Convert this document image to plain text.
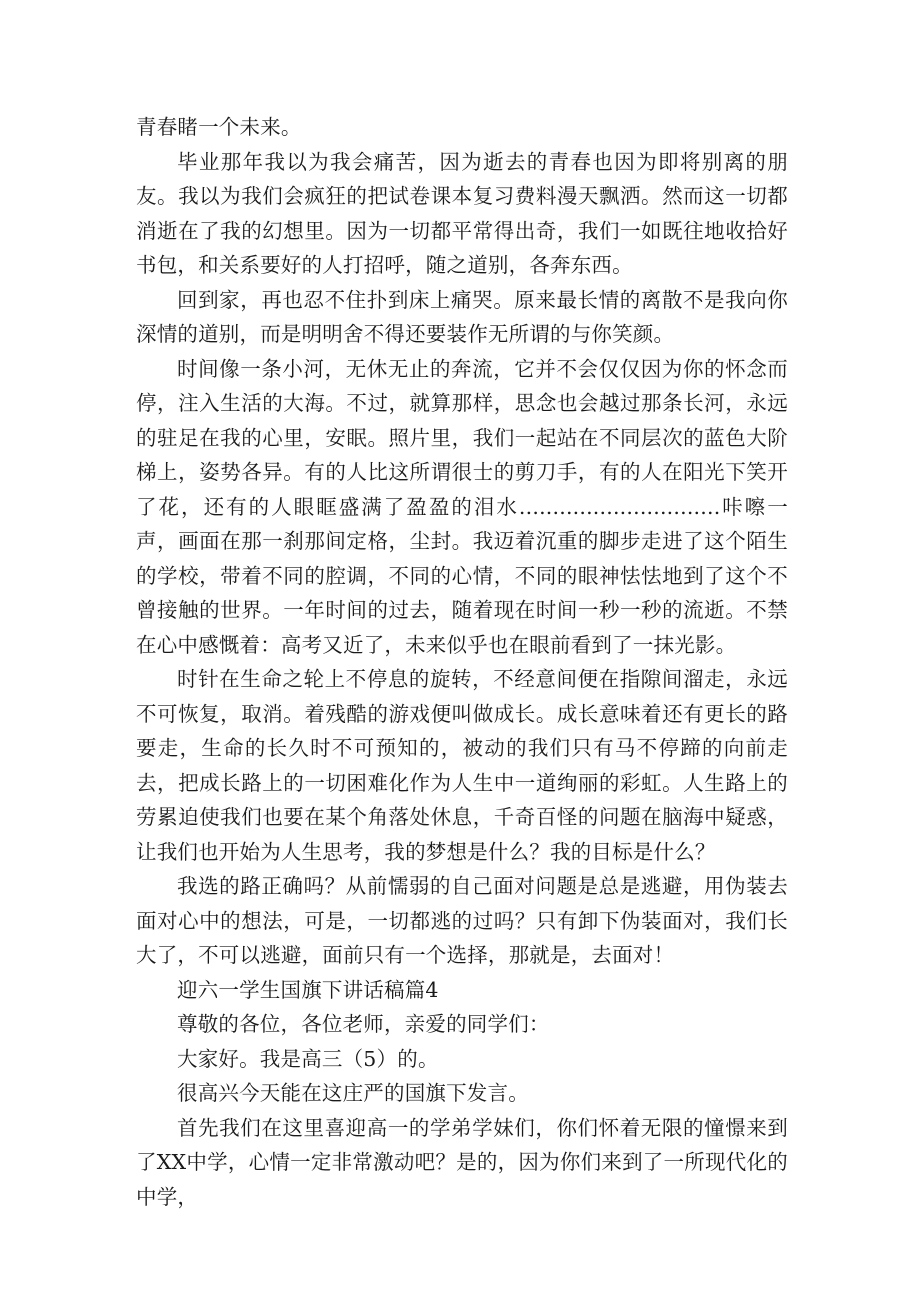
青春睹一个未来。

毕业那年我以为我会痛苦，因为逝去的青春也因为即将别离的朋友。我以为我们会疯狂的把试卷课本复习费料漫天飘洒。然而这一切都消逝在了我的幻想里。因为一切都平常得出奇，我们一如既往地收拾好书包，和关系要好的人打招呼，随之道别，各奔东西。

回到家，再也忍不住扑到床上痛哭。原来最长情的离散不是我向你深情的道别，而是明明舍不得还要装作无所谓的与你笑颜。

时间像一条小河，无休无止的奔流，它并不会仅仅因为你的怀念而停，注入生活的大海。不过，就算那样，思念也会越过那条长河，永远的驻足在我的心里，安眠。照片里，我们一起站在不同层次的蓝色大阶梯上，姿势各异。有的人比这所谓很士的剪刀手，有的人在阳光下笑开了花，还有的人眼眶盛满了盈盈的泪水..............................咔嚓一声，画面在那一刹那间定格，尘封。我迈着沉重的脚步走进了这个陌生的学校，带着不同的腔调，不同的心情，不同的眼神怯怯地到了这个不曾接触的世界。一年时间的过去，随着现在时间一秒一秒的流逝。不禁在心中感慨着：高考又近了，未来似乎也在眼前看到了一抹光影。

时针在生命之轮上不停息的旋转，不经意间便在指隙间溜走，永远不可恢复，取消。着残酷的游戏便叫做成长。成长意味着还有更长的路要走，生命的长久时不可预知的，被动的我们只有马不停蹄的向前走去，把成长路上的一切困难化作为人生中一道绚丽的彩虹。人生路上的劳累迫使我们也要在某个角落处休息，千奇百怪的问题在脑海中疑惑，让我们也开始为人生思考，我的梦想是什么？我的目标是什么？

我选的路正确吗？从前懦弱的自己面对问题是总是逃避，用伪装去面对心中的想法，可是，一切都逃的过吗？只有卸下伪装面对，我们长大了，不可以逃避，面前只有一个选择，那就是，去面对！

迎六一学生国旗下讲话稿篇4

尊敬的各位，各位老师，亲爱的同学们：

大家好。我是高三（5）的。

很高兴今天能在这庄严的国旗下发言。

首先我们在这里喜迎高一的学弟学妹们，你们怀着无限的憧憬来到了XX中学，心情一定非常激动吧？是的，因为你们来到了一所现代化的中学，
